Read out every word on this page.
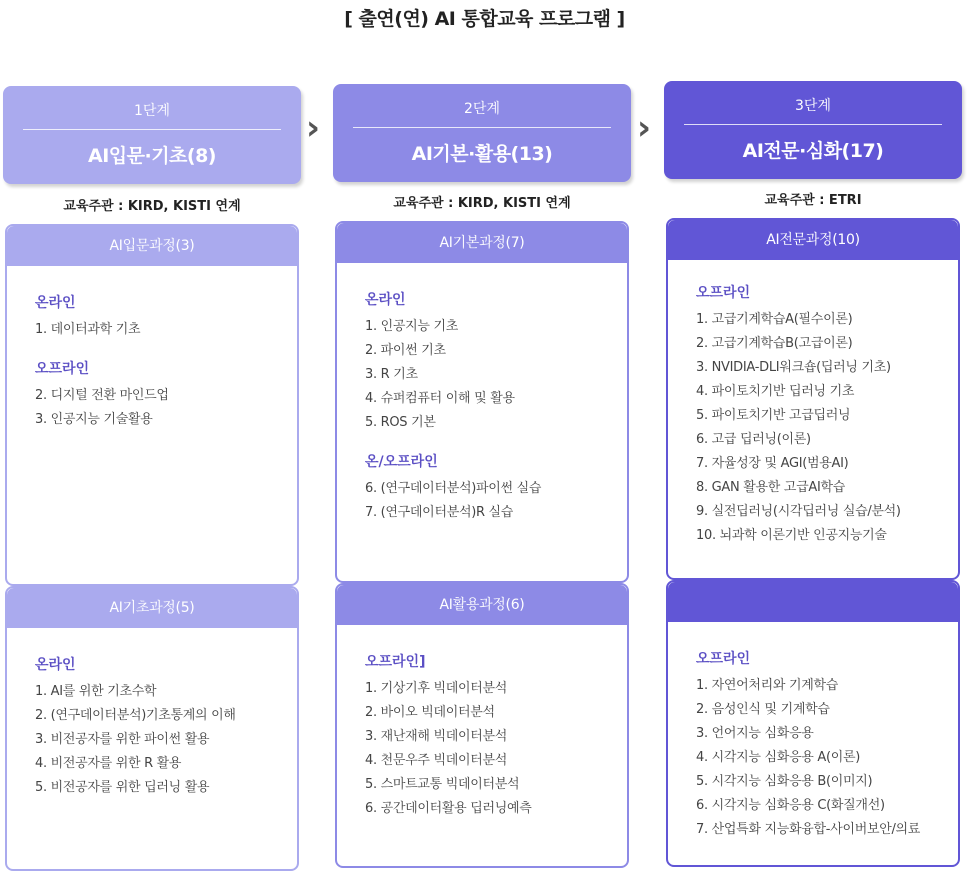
[ 출연(연) AI 통합교육 프로그램 ]
1단계
AI입문·기초(8)
›	2단계
AI기본·활용(13)
›
3단계
AI전문·심화(17)
교육주관 : KIRD, KISTI 연계	교육주관 : KIRD, KISTI 연계	교육주관 : ETRI
AI입문과정(3)
온라인
1. 데이터과학 기초
오프라인
2. 디지털 전환 마인드업
3. 인공지능 기술활용
AI기초과정(5)
온라인
1. AI를 위한 기초수학
2. (연구데이터분석)기초통계의 이해
3. 비전공자를 위한 파이썬 활용
4. 비전공자를 위한 R 활용
5. 비전공자를 위한 딥러닝 활용
AI기본과정(7)
온라인
1. 인공지능 기초
2. 파이썬 기초
3. R 기초
4. 슈퍼컴퓨터 이해 및 활용
5. ROS 기본
온/오프라인
6. (연구데이터분석)파이썬 실습
7. (연구데이터분석)R 실습
AI활용과정(6)
오프라인]
1. 기상기후 빅데이터분석
2. 바이오 빅데이터분석
3. 재난재해 빅데이터분석
4. 천문우주 빅데이터분석
5. 스마트교통 빅데이터분석
6. 공간데이터활용 딥러닝예측
AI전문과정(10)
오프라인
1. 고급기계학습A(필수이론)
2. 고급기계학습B(고급이론)
3. NVIDIA-DLI워크숍(딥러닝 기초)
4. 파이토치기반 딥러닝 기초
5. 파이토치기반 고급딥러닝
6. 고급 딥러닝(이론)
7. 자율성장 및 AGI(범용AI)
8. GAN 활용한 고급AI학습
9. 실전딥러닝(시각딥러닝 실습/분석)
10. 뇌과학 이론기반 인공지능기술
오프라인
1. 자연어처리와 기계학습
2. 음성인식 및 기계학습
3. 언어지능 심화응용
4. 시각지능 심화응용 A(이론)
5. 시각지능 심화응용 B(이미지)
6. 시각지능 심화응용 C(화질개선)
7. 산업특화 지능화융합-사이버보안/의료
